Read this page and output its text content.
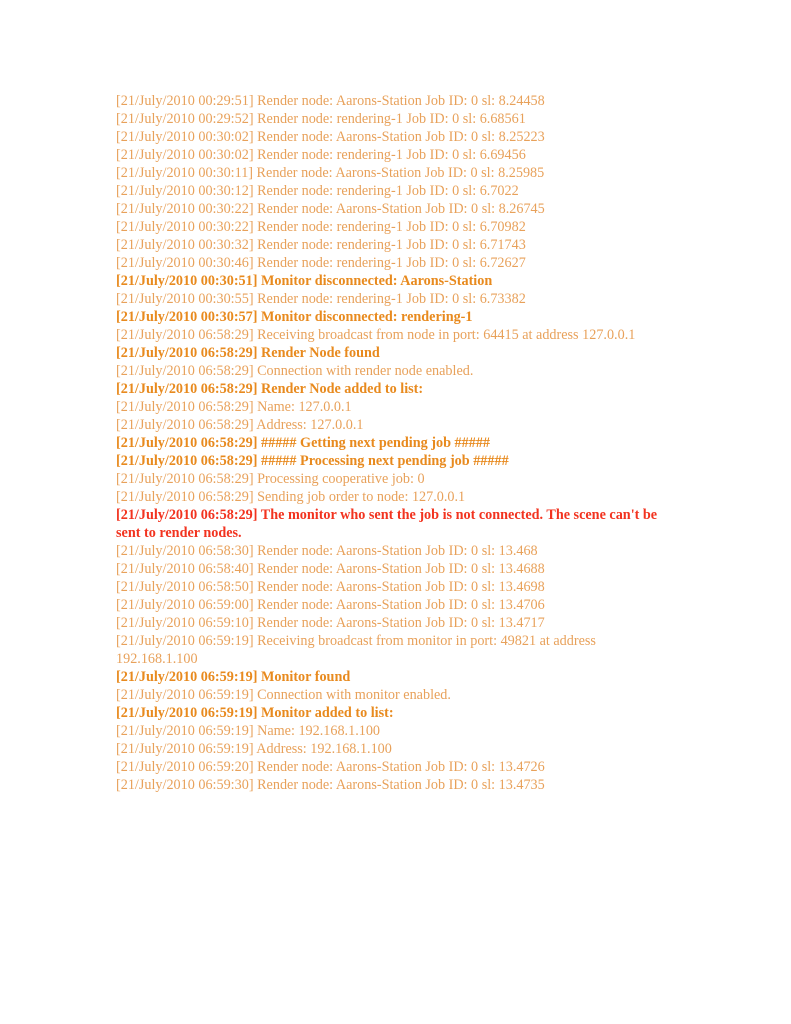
[21/July/2010 00:29:51] Render node: Aarons-Station Job ID: 0 sl: 8.24458

[21/July/2010 00:29:52] Render node: rendering-1 Job ID: 0 sl: 6.68561

[21/July/2010 00:30:02] Render node: Aarons-Station Job ID: 0 sl: 8.25223

[21/July/2010 00:30:02] Render node: rendering-1 Job ID: 0 sl: 6.69456

[21/July/2010 00:30:11] Render node: Aarons-Station Job ID: 0 sl: 8.25985

[21/July/2010 00:30:12] Render node: rendering-1 Job ID: 0 sl: 6.7022

[21/July/2010 00:30:22] Render node: Aarons-Station Job ID: 0 sl: 8.26745

[21/July/2010 00:30:22] Render node: rendering-1 Job ID: 0 sl: 6.70982

[21/July/2010 00:30:32] Render node: rendering-1 Job ID: 0 sl: 6.71743

[21/July/2010 00:30:46] Render node: rendering-1 Job ID: 0 sl: 6.72627

[21/July/2010 00:30:51] Monitor disconnected: Aarons-Station

[21/July/2010 00:30:55] Render node: rendering-1 Job ID: 0 sl: 6.73382

[21/July/2010 00:30:57] Monitor disconnected: rendering-1

[21/July/2010 06:58:29] Receiving broadcast from node in port: 64415 at address 127.0.0.1

[21/July/2010 06:58:29] Render Node found

[21/July/2010 06:58:29] Connection with render node enabled.

[21/July/2010 06:58:29] Render Node added to list:

[21/July/2010 06:58:29] Name: 127.0.0.1

[21/July/2010 06:58:29] Address: 127.0.0.1

[21/July/2010 06:58:29] ##### Getting next pending job #####

[21/July/2010 06:58:29] ##### Processing next pending job #####

[21/July/2010 06:58:29] Processing cooperative job: 0

[21/July/2010 06:58:29] Sending job order to node: 127.0.0.1

[21/July/2010 06:58:29] The monitor who sent the job is not connected. The scene can't be sent to render nodes.

[21/July/2010 06:58:30] Render node: Aarons-Station Job ID: 0 sl: 13.468

[21/July/2010 06:58:40] Render node: Aarons-Station Job ID: 0 sl: 13.4688

[21/July/2010 06:58:50] Render node: Aarons-Station Job ID: 0 sl: 13.4698

[21/July/2010 06:59:00] Render node: Aarons-Station Job ID: 0 sl: 13.4706

[21/July/2010 06:59:10] Render node: Aarons-Station Job ID: 0 sl: 13.4717

[21/July/2010 06:59:19] Receiving broadcast from monitor in port: 49821 at address 192.168.1.100

[21/July/2010 06:59:19] Monitor found

[21/July/2010 06:59:19] Connection with monitor enabled.

[21/July/2010 06:59:19] Monitor added to list:

[21/July/2010 06:59:19] Name: 192.168.1.100

[21/July/2010 06:59:19] Address: 192.168.1.100

[21/July/2010 06:59:20] Render node: Aarons-Station Job ID: 0 sl: 13.4726

[21/July/2010 06:59:30] Render node: Aarons-Station Job ID: 0 sl: 13.4735
